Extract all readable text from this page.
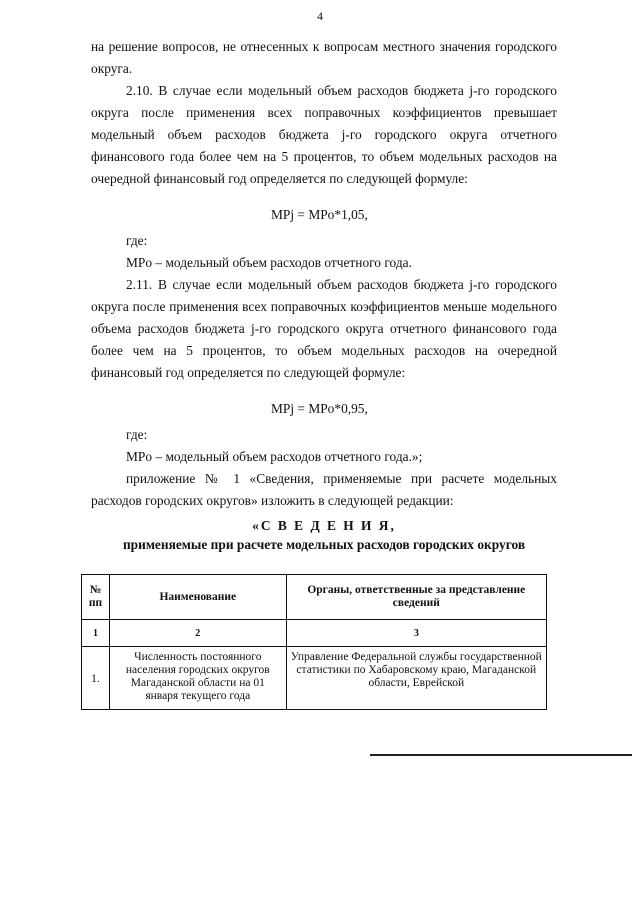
4

на решение вопросов, не отнесенных к вопросам местного значения городского округа.

2.10. В случае если модельный объем расходов бюджета j-го городского округа после применения всех поправочных коэффициентов превышает модельный объем расходов бюджета j-го городского округа отчетного финансового года более чем на 5 процентов, то объем модельных расходов на очередной финансовый год определяется по следующей формуле:

MPj = MPo*1,05,

где:

MPo – модельный объем расходов отчетного года.

2.11. В случае если модельный объем расходов бюджета j-го городского округа после применения всех поправочных коэффициентов меньше модельного объема расходов бюджета j-го городского округа отчетного финансового года более чем на 5 процентов, то объем модельных расходов на очередной финансовый год определяется по следующей формуле:

MPj = MPo*0,95,

где:

MPo – модельный объем расходов отчетного года.»;

приложение № 1 «Сведения, применяемые при расчете модельных расходов городских округов» изложить в следующей редакции:

«С В Е Д Е Н И Я,
применяемые при расчете модельных расходов городских округов
№ пп	Наименование	Органы, ответственные за представление сведений
1	2	3
1.	Численность постоянного населения городских округов Магаданской области на 01 января текущего года	Управление Федеральной службы государственной статистики по Хабаровскому краю, Магаданской области, Еврейской
